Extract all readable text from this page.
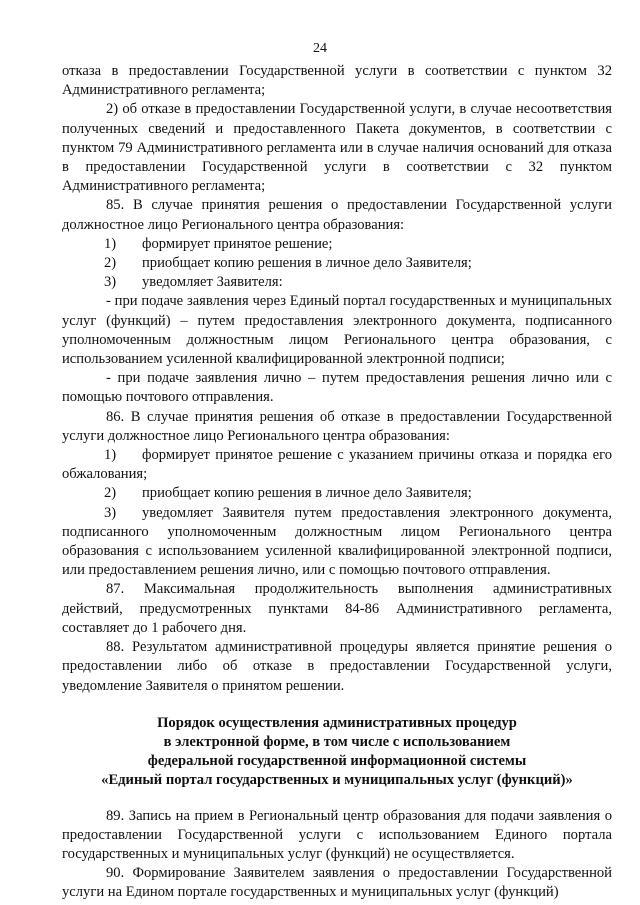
24

отказа в предоставлении Государственной услуги в соответствии с пунктом 32 Административного регламента;

2) об отказе в предоставлении Государственной услуги, в случае несоответствия полученных сведений и предоставленного Пакета документов, в соответствии с пунктом 79 Административного регламента или в случае наличия оснований для отказа в предоставлении Государственной услуги в соответствии с 32 пунктом Административного регламента;

85. В случае принятия решения о предоставлении Государственной услуги должностное лицо Регионального центра образования:

1) формирует принятое решение;

2) приобщает копию решения в личное дело Заявителя;

3) уведомляет Заявителя:

- при подаче заявления через Единый портал государственных и муниципальных услуг (функций) – путем предоставления электронного документа, подписанного уполномоченным должностным лицом Регионального центра образования, с использованием усиленной квалифицированной электронной подписи;

- при подаче заявления лично – путем предоставления решения лично или с помощью почтового отправления.

86. В случае принятия решения об отказе в предоставлении Государственной услуги должностное лицо Регионального центра образования:

1) формирует принятое решение с указанием причины отказа и порядка его обжалования;

2) приобщает копию решения в личное дело Заявителя;

3) уведомляет Заявителя путем предоставления электронного документа, подписанного уполномоченным должностным лицом Регионального центра образования с использованием усиленной квалифицированной электронной подписи, или предоставлением решения лично, или с помощью почтового отправления.

87. Максимальная продолжительность выполнения административных действий, предусмотренных пунктами 84-86 Административного регламента, составляет до 1 рабочего дня.

88. Результатом административной процедуры является принятие решения о предоставлении либо об отказе в предоставлении Государственной услуги, уведомление Заявителя о принятом решении.

Порядок осуществления административных процедур
в электронной форме, в том числе с использованием
федеральной государственной информационной системы
«Единый портал государственных и муниципальных услуг (функций)»

89. Запись на прием в Региональный центр образования для подачи заявления о предоставлении Государственной услуги с использованием Единого портала государственных и муниципальных услуг (функций) не осуществляется.

90. Формирование Заявителем заявления о предоставлении Государственной услуги на Едином портале государственных и муниципальных услуг (функций)
